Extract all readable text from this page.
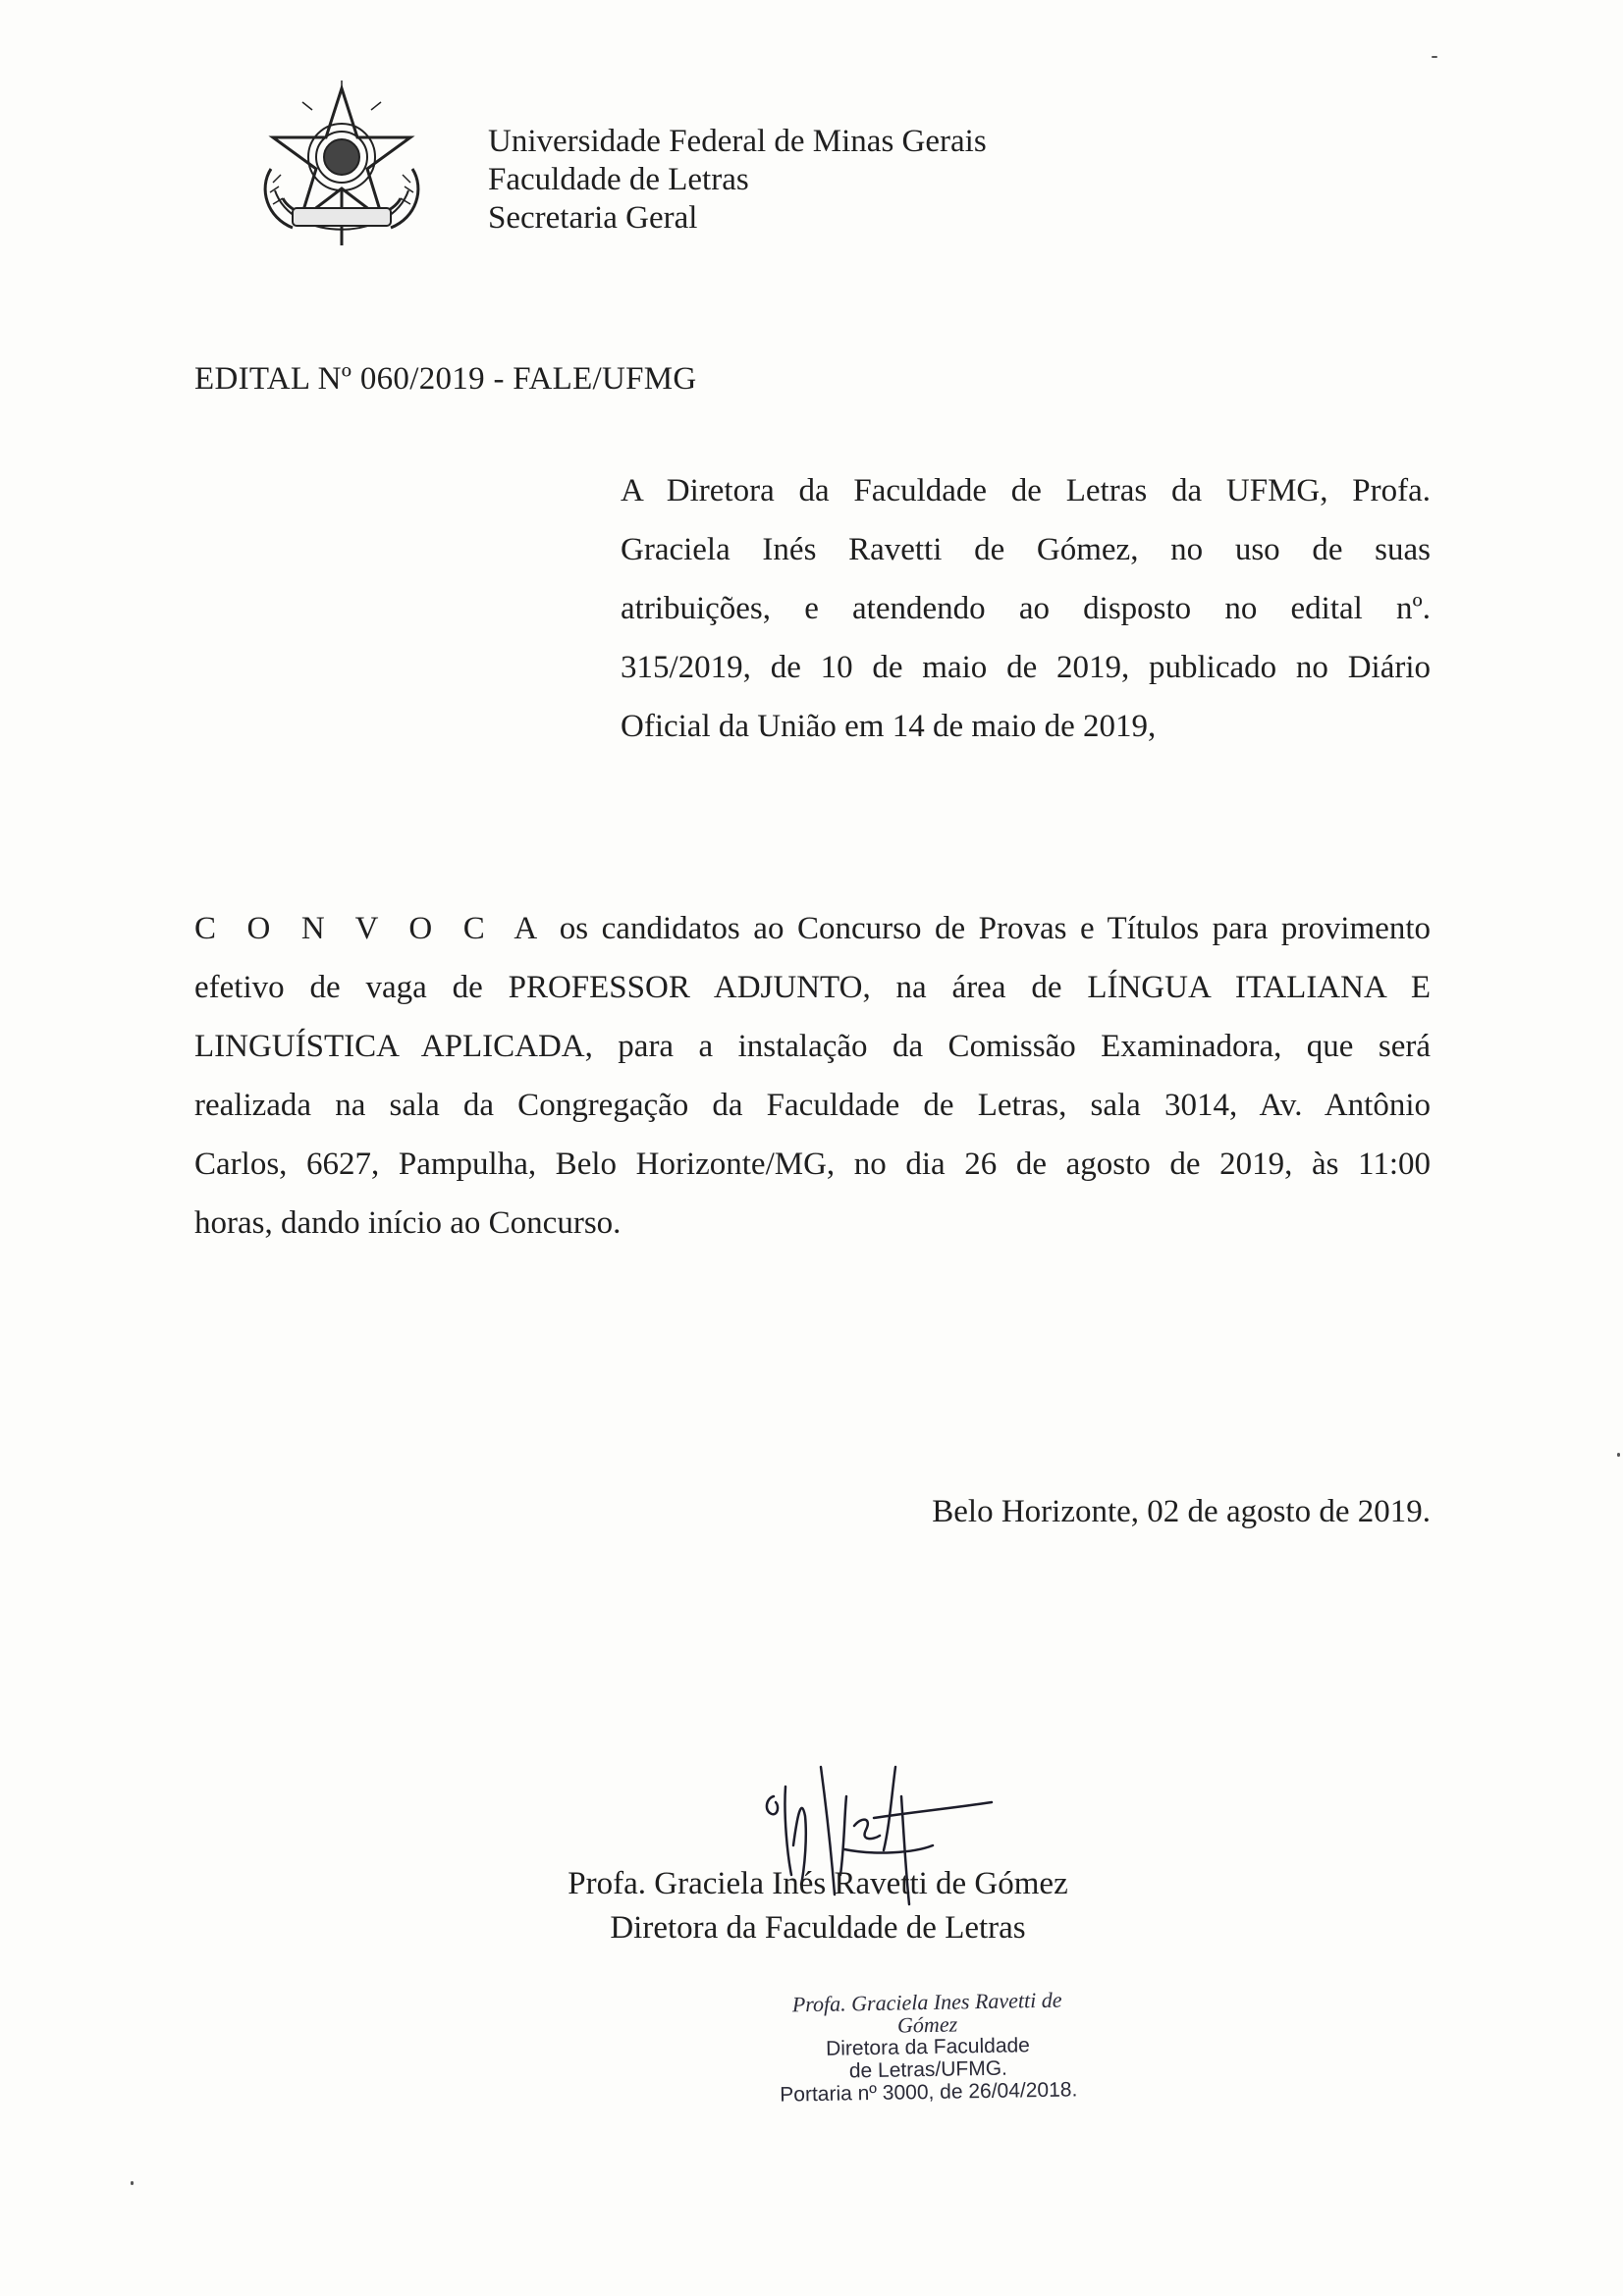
Universidade Federal de Minas Gerais
Faculdade de Letras
Secretaria Geral
EDITAL Nº 060/2019 - FALE/UFMG
A Diretora da Faculdade de Letras da UFMG, Profa.
Graciela Inés Ravetti de Gómez, no uso de suas
atribuições, e atendendo ao disposto no edital nº.
315/2019, de 10 de maio de 2019, publicado no Diário
Oficial da União em 14 de maio de 2019,
C O N V O C A os candidatos ao Concurso de Provas e Títulos para provimento
efetivo de vaga de PROFESSOR ADJUNTO, na área de LÍNGUA ITALIANA E
LINGUÍSTICA APLICADA, para a instalação da Comissão Examinadora, que será
realizada na sala da Congregação da Faculdade de Letras, sala 3014, Av. Antônio
Carlos, 6627, Pampulha, Belo Horizonte/MG, no dia 26 de agosto de 2019, às 11:00
horas, dando início ao Concurso.
Belo Horizonte, 02 de agosto de 2019.
Profa. Graciela Inés Ravetti de Gómez
Diretora da Faculdade de Letras
Profa. Graciela Ines Ravetti de Gómez
Diretora da Faculdade
de Letras/UFMG.
Portaria nº 3000, de 26/04/2018.
